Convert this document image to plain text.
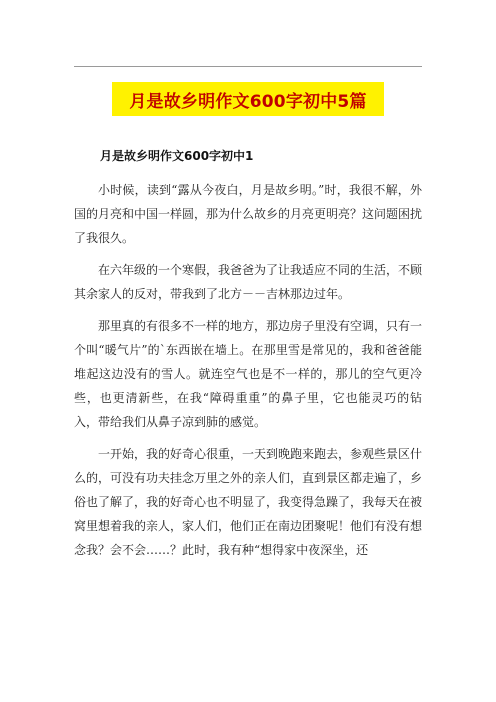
月是故乡明作文600字初中5篇
月是故乡明作文600字初中1

小时候，读到“露从今夜白，月是故乡明。”时，我很不解，外国的月亮和中国一样圆，那为什么故乡的月亮更明亮？这问题困扰了我很久。

在六年级的一个寒假，我爸爸为了让我适应不同的生活，不顾其余家人的反对，带我到了北方－－吉林那边过年。

那里真的有很多不一样的地方，那边房子里没有空调，只有一个叫“暖气片”的`东西嵌在墙上。在那里雪是常见的，我和爸爸能堆起这边没有的雪人。就连空气也是不一样的，那儿的空气更冷些，也更清新些，在我“障碍重重”的鼻子里，它也能灵巧的钻入，带给我们从鼻子凉到肺的感觉。

一开始，我的好奇心很重，一天到晚跑来跑去，参观些景区什么的，可没有功夫挂念万里之外的亲人们，直到景区都走遍了，乡俗也了解了，我的好奇心也不明显了，我变得急躁了，我每天在被窝里想着我的亲人，家人们，他们正在南边团聚呢！他们有没有想念我？会不会……？此时，我有种“想得家中夜深坐，还
